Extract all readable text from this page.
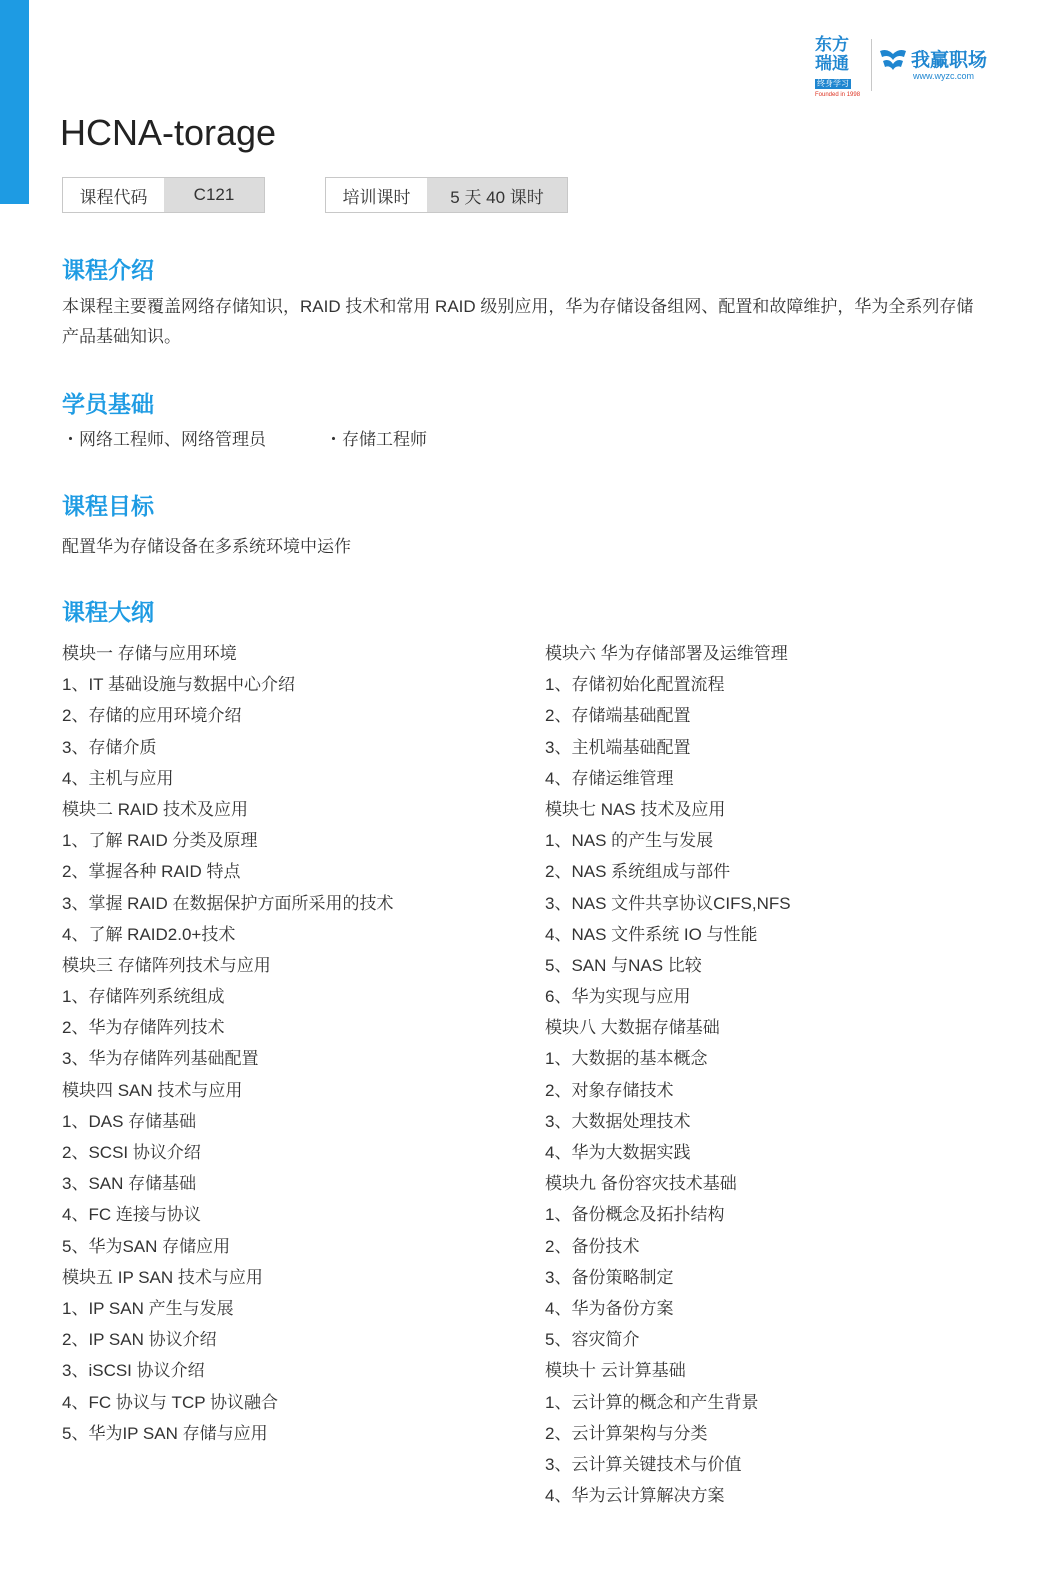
东方
瑞通
终身学习
Founded in 1998
我赢职场
www.wyzc.com
HCNA-torage
课程代码	C121	培训课时	5 天 40 课时
课程介绍
本课程主要覆盖网络存储知识，RAID 技术和常用 RAID 级别应用，华为存储设备组网、配置和故障维护，华为全系列存储产品基础知识。
学员基础
・网络工程师、网络管理员	・存储工程师
课程目标
配置华为存储设备在多系统环境中运作
课程大纲
模块一 存储与应用环境
1、IT 基础设施与数据中心介绍
2、存储的应用环境介绍
3、存储介质
4、主机与应用
模块二 RAID 技术及应用
1、了解 RAID 分类及原理
2、掌握各种 RAID 特点
3、掌握 RAID 在数据保护方面所采用的技术
4、了解 RAID2.0+技术
模块三 存储阵列技术与应用
1、存储阵列系统组成
2、华为存储阵列技术
3、华为存储阵列基础配置
模块四 SAN 技术与应用
1、DAS 存储基础
2、SCSI 协议介绍
3、SAN 存储基础
4、FC 连接与协议
5、华为SAN 存储应用
模块五 IP SAN 技术与应用
1、IP SAN 产生与发展
2、IP SAN 协议介绍
3、iSCSI 协议介绍
4、FC 协议与 TCP 协议融合
5、华为IP SAN 存储与应用
模块六 华为存储部署及运维管理
1、存储初始化配置流程
2、存储端基础配置
3、主机端基础配置
4、存储运维管理
模块七 NAS 技术及应用
1、NAS 的产生与发展
2、NAS 系统组成与部件
3、NAS 文件共享协议CIFS,NFS
4、NAS 文件系统 IO 与性能
5、SAN 与NAS 比较
6、华为实现与应用
模块八 大数据存储基础
1、大数据的基本概念
2、对象存储技术
3、大数据处理技术
4、华为大数据实践
模块九 备份容灾技术基础
1、备份概念及拓扑结构
2、备份技术
3、备份策略制定
4、华为备份方案
5、容灾简介
模块十 云计算基础
1、云计算的概念和产生背景
2、云计算架构与分类
3、云计算关键技术与价值
4、华为云计算解决方案
